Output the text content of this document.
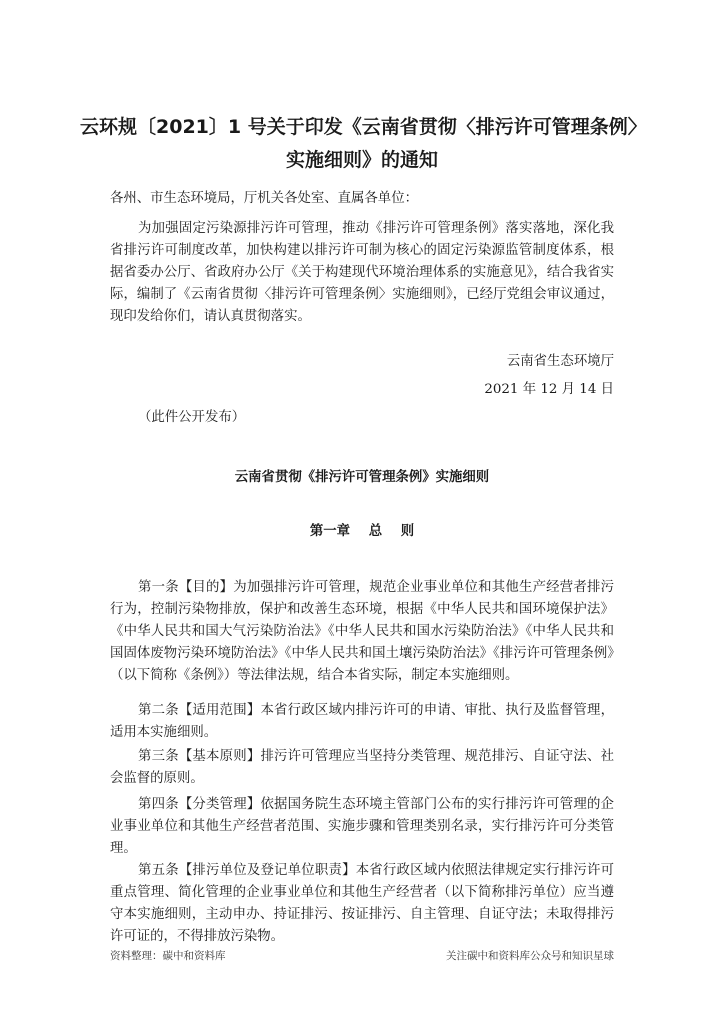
云环规〔2021〕1 号关于印发《云南省贯彻〈排污许可管理条例〉
实施细则》的通知
各州、市生态环境局，厅机关各处室、直属各单位：
为加强固定污染源排污许可管理，推动《排污许可管理条例》落实落地，深化我省排污许可制度改革，加快构建以排污许可制为核心的固定污染源监管制度体系，根据省委办公厅、省政府办公厅《关于构建现代环境治理体系的实施意见》，结合我省实际，编制了《云南省贯彻〈排污许可管理条例〉实施细则》，已经厅党组会审议通过，现印发给你们，请认真贯彻落实。
云南省生态环境厅
2021 年 12 月 14 日
（此件公开发布）
云南省贯彻《排污许可管理条例》实施细则
第一章 总 则
第一条【目的】为加强排污许可管理，规范企业事业单位和其他生产经营者排污行为，控制污染物排放，保护和改善生态环境，根据《中华人民共和国环境保护法》《中华人民共和国大气污染防治法》《中华人民共和国水污染防治法》《中华人民共和国固体废物污染环境防治法》《中华人民共和国土壤污染防治法》《排污许可管理条例》（以下简称《条例》）等法律法规，结合本省实际，制定本实施细则。
第二条【适用范围】本省行政区域内排污许可的申请、审批、执行及监督管理，适用本实施细则。
第三条【基本原则】排污许可管理应当坚持分类管理、规范排污、自证守法、社会监督的原则。
第四条【分类管理】依据国务院生态环境主管部门公布的实行排污许可管理的企业事业单位和其他生产经营者范围、实施步骤和管理类别名录，实行排污许可分类管理。
第五条【排污单位及登记单位职责】本省行政区域内依照法律规定实行排污许可重点管理、简化管理的企业事业单位和其他生产经营者（以下简称排污单位）应当遵守本实施细则，主动申办、持证排污、按证排污、自主管理、自证守法；未取得排污许可证的，不得排放污染物。
资料整理：碳中和资料库	关注碳中和资料库公众号和知识星球
